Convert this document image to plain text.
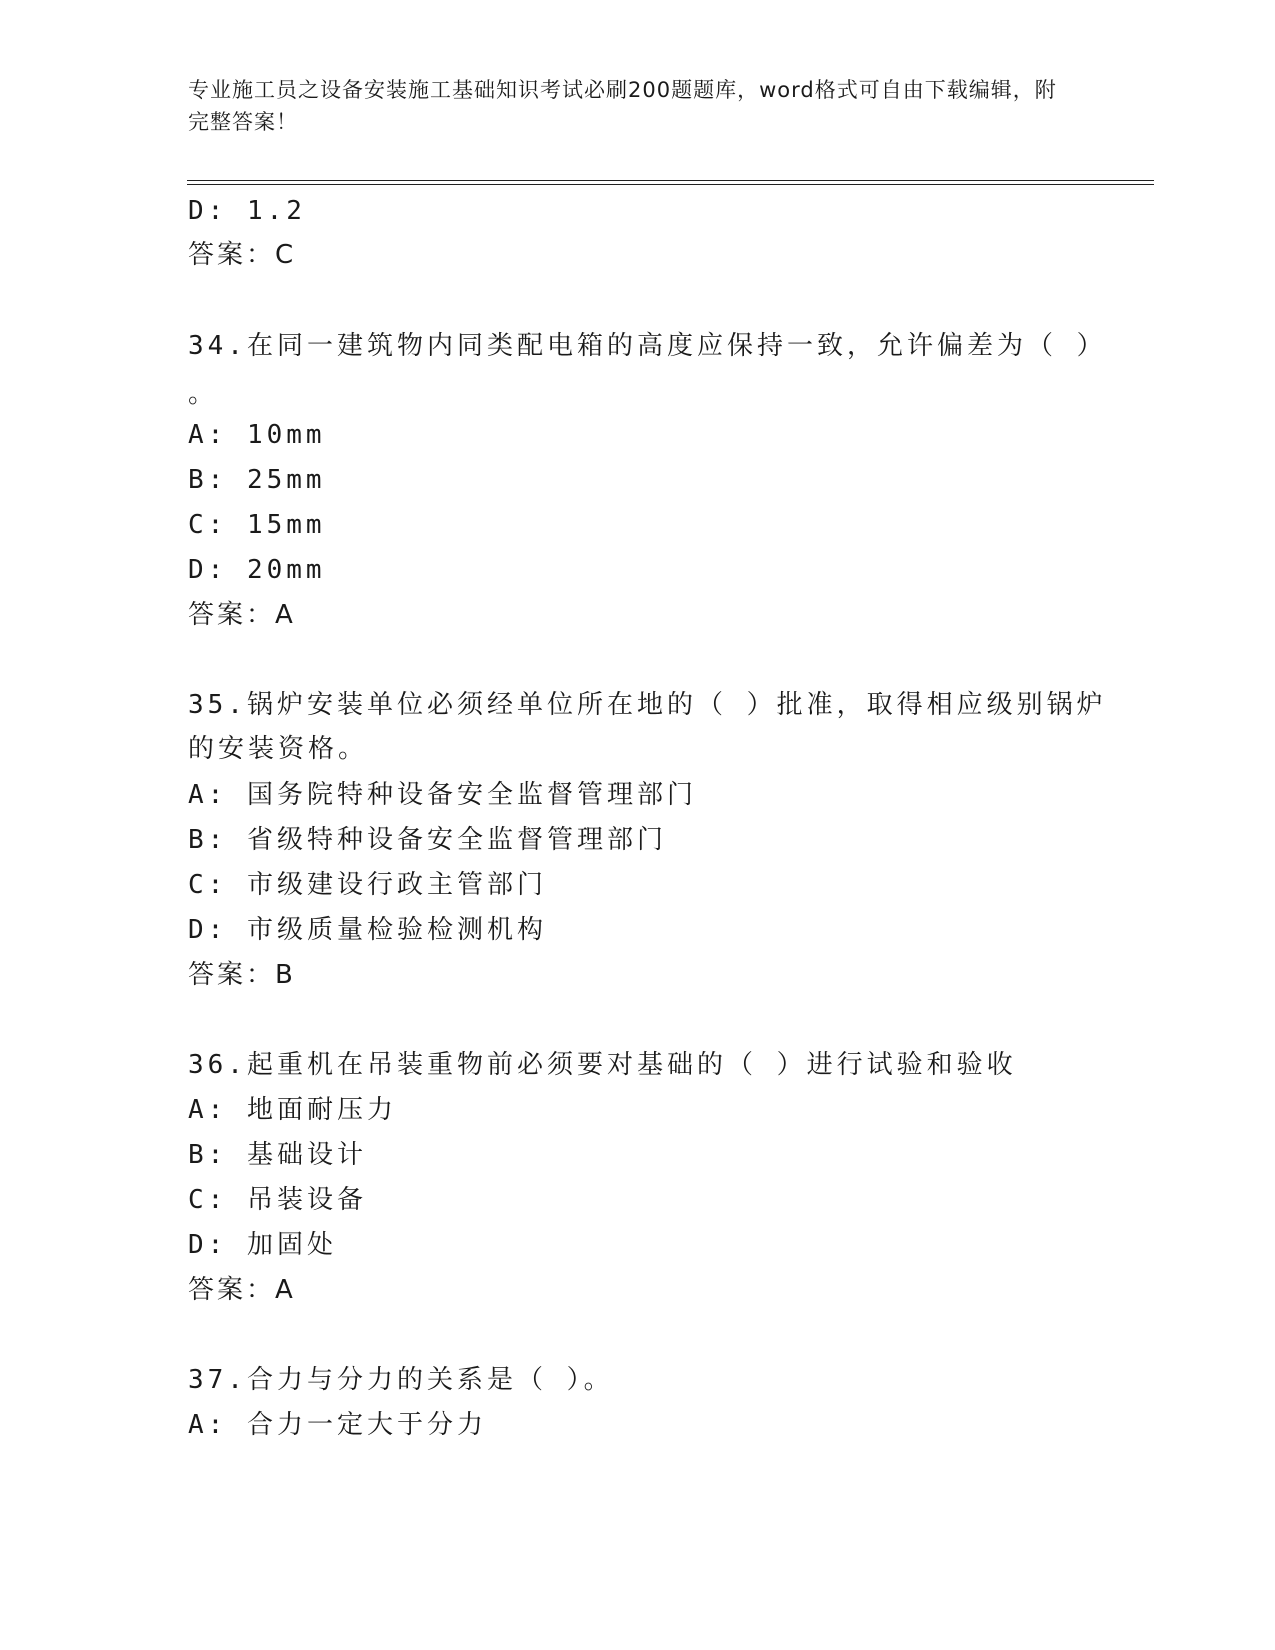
专业施工员之设备安装施工基础知识考试必刷200题题库，word格式可自由下载编辑，附完整答案！
D: 1.2
答案：C
34.在同一建筑物内同类配电箱的高度应保持一致，允许偏差为（ ）
。
A: 10mm
B: 25mm
C: 15mm
D: 20mm
答案：A
35.锅炉安装单位必须经单位所在地的（ ）批准，取得相应级别锅炉
的安装资格。
A: 国务院特种设备安全监督管理部门
B: 省级特种设备安全监督管理部门
C: 市级建设行政主管部门
D: 市级质量检验检测机构
答案：B
36.起重机在吊装重物前必须要对基础的（ ）进行试验和验收
A: 地面耐压力
B: 基础设计
C: 吊装设备
D: 加固处
答案：A
37.合力与分力的关系是（ ）。
A: 合力一定大于分力
